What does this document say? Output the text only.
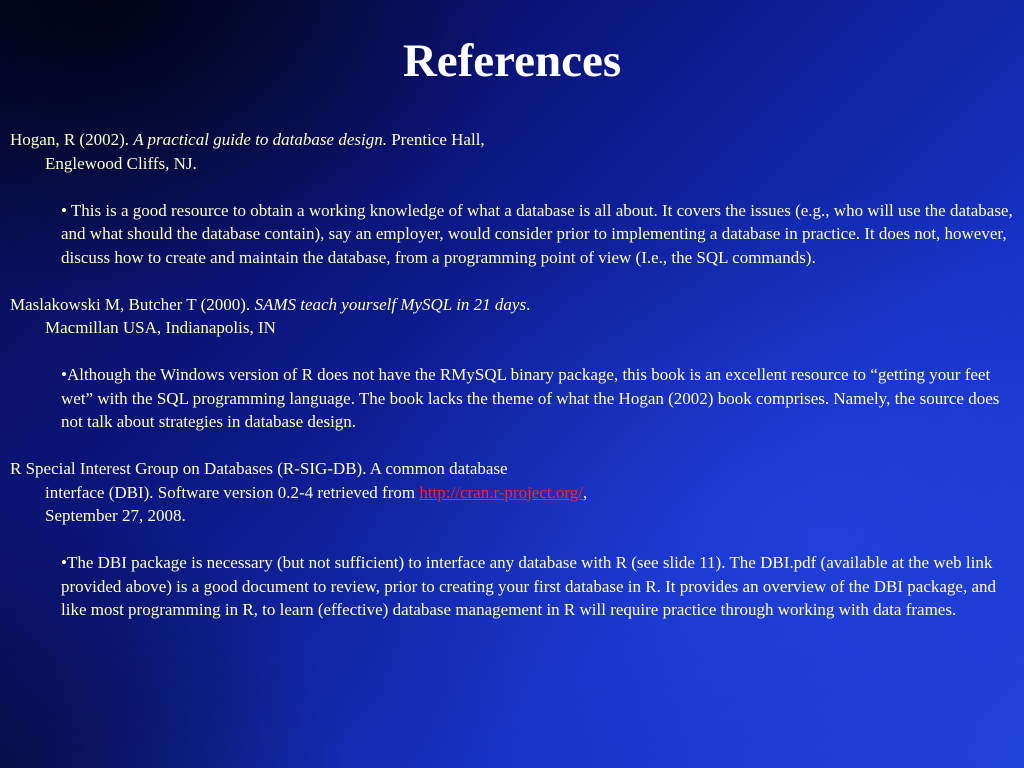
References
Hogan, R (2002). A practical guide to database design. Prentice Hall,
Englewood Cliffs, NJ.
• This is a good resource to obtain a working knowledge of what a database is all about. It covers the issues (e.g., who will use the database, and what should the database contain), say an employer, would consider prior to implementing a database in practice. It does not, however, discuss how to create and maintain the database, from a programming point of view (I.e., the SQL commands).
Maslakowski M, Butcher T (2000). SAMS teach yourself MySQL in 21 days.
Macmillan USA, Indianapolis, IN
•Although the Windows version of R does not have the RMySQL binary package, this book is an excellent resource to “getting your feet wet” with the SQL programming language. The book lacks the theme of what the Hogan (2002) book comprises. Namely, the source does not talk about strategies in database design.
R Special Interest Group on Databases (R-SIG-DB). A common database
interface (DBI). Software version 0.2-4 retrieved from http://cran.r-project.org/,
September 27, 2008.
•The DBI package is necessary (but not sufficient) to interface any database with R (see slide 11). The DBI.pdf (available at the web link provided above) is a good document to review, prior to creating your first database in R. It provides an overview of the DBI package, and like most programming in R, to learn (effective) database management in R will require practice through working with data frames.
